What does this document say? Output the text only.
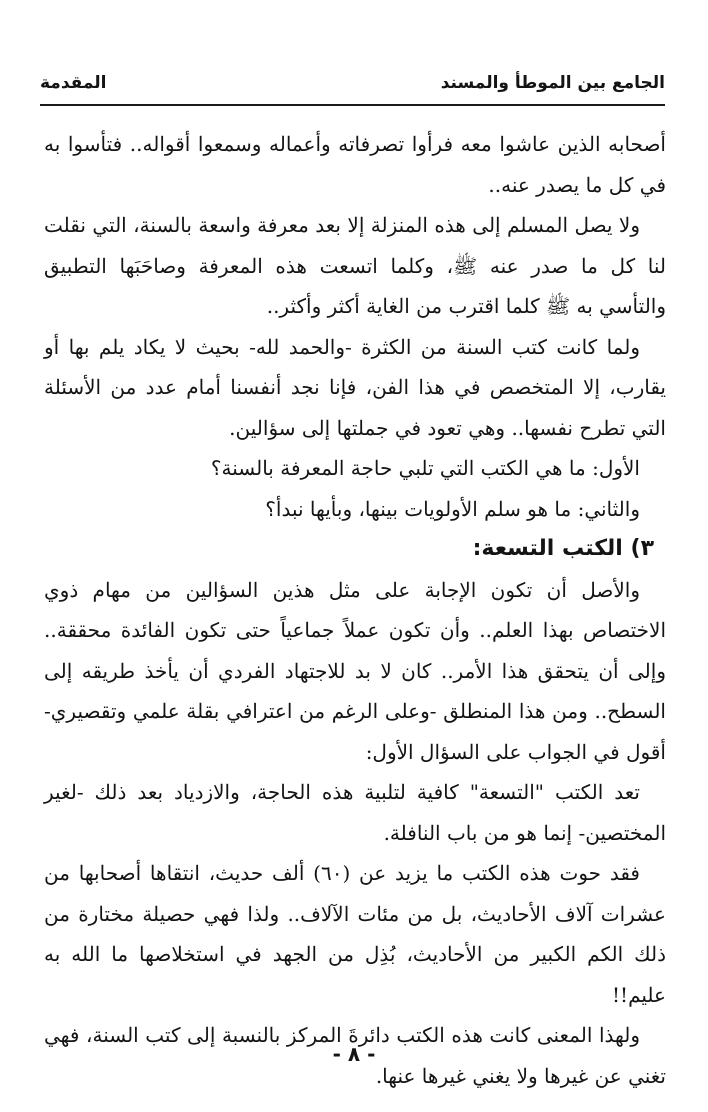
الجامع بين الموطأ والمسند
المقدمة

أصحابه الذين عاشوا معه فرأوا تصرفاته وأعماله وسمعوا أقواله.. فتأسوا به في كل ما يصدر عنه..

ولا يصل المسلم إلى هذه المنزلة إلا بعد معرفة واسعة بالسنة، التي نقلت لنا كل ما صدر عنه ﷺ، وكلما اتسعت هذه المعرفة وصاحَبَها التطبيق والتأسي به ﷺ كلما اقترب من الغاية أكثر وأكثر..

ولما كانت كتب السنة من الكثرة -والحمد لله- بحيث لا يكاد يلم بها أو يقارب، إلا المتخصص في هذا الفن، فإنا نجد أنفسنا أمام عدد من الأسئلة التي تطرح نفسها.. وهي تعود في جملتها إلى سؤالين.

الأول: ما هي الكتب التي تلبي حاجة المعرفة بالسنة؟

والثاني: ما هو سلم الأولويات بينها، وبأيها نبدأ؟

٣) الكتب التسعة:

والأصل أن تكون الإجابة على مثل هذين السؤالين من مهام ذوي الاختصاص بهذا العلم.. وأن تكون عملاً جماعياً حتى تكون الفائدة محققة.. وإلى أن يتحقق هذا الأمر.. كان لا بد للاجتهاد الفردي أن يأخذ طريقه إلى السطح.. ومن هذا المنطلق -وعلى الرغم من اعترافي بقلة علمي وتقصيري- أقول في الجواب على السؤال الأول:

تعد الكتب "التسعة" كافية لتلبية هذه الحاجة، والازدياد بعد ذلك -لغير المختصين- إنما هو من باب النافلة.

فقد حوت هذه الكتب ما يزيد عن (٦٠) ألف حديث، انتقاها أصحابها من عشرات آلاف الأحاديث، بل من مئات الآلاف.. ولذا فهي حصيلة مختارة من ذلك الكم الكبير من الأحاديث، بُذِل من الجهد في استخلاصها ما الله به عليم!!

ولهذا المعنى كانت هذه الكتب دائرةَ المركز بالنسبة إلى كتب السنة، فهي تغني عن غيرها ولا يغني غيرها عنها.

- ٨ -
